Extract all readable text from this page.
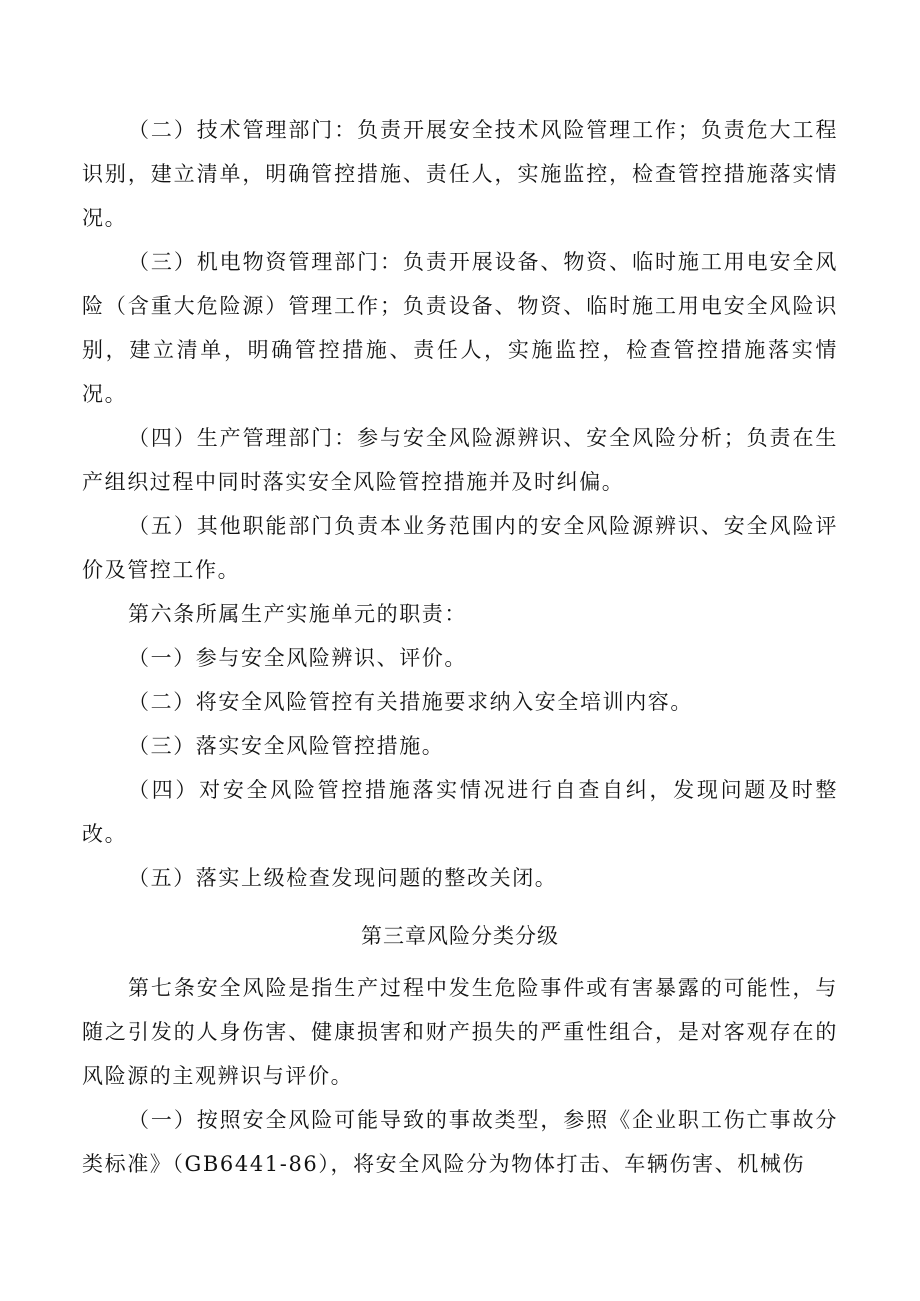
（二）技术管理部门：负责开展安全技术风险管理工作；负责危大工程识别，建立清单，明确管控措施、责任人，实施监控，检查管控措施落实情况。

（三）机电物资管理部门：负责开展设备、物资、临时施工用电安全风险（含重大危险源）管理工作；负责设备、物资、临时施工用电安全风险识别，建立清单，明确管控措施、责任人，实施监控，检查管控措施落实情况。

（四）生产管理部门：参与安全风险源辨识、安全风险分析；负责在生产组织过程中同时落实安全风险管控措施并及时纠偏。

（五）其他职能部门负责本业务范围内的安全风险源辨识、安全风险评价及管控工作。

第六条所属生产实施单元的职责：

（一）参与安全风险辨识、评价。

（二）将安全风险管控有关措施要求纳入安全培训内容。

（三）落实安全风险管控措施。

（四）对安全风险管控措施落实情况进行自查自纠，发现问题及时整改。

（五）落实上级检查发现问题的整改关闭。

第三章风险分类分级

第七条安全风险是指生产过程中发生危险事件或有害暴露的可能性，与随之引发的人身伤害、健康损害和财产损失的严重性组合，是对客观存在的风险源的主观辨识与评价。

（一）按照安全风险可能导致的事故类型，参照《企业职工伤亡事故分类标准》（GB6441-86），将安全风险分为物体打击、车辆伤害、机械伤
